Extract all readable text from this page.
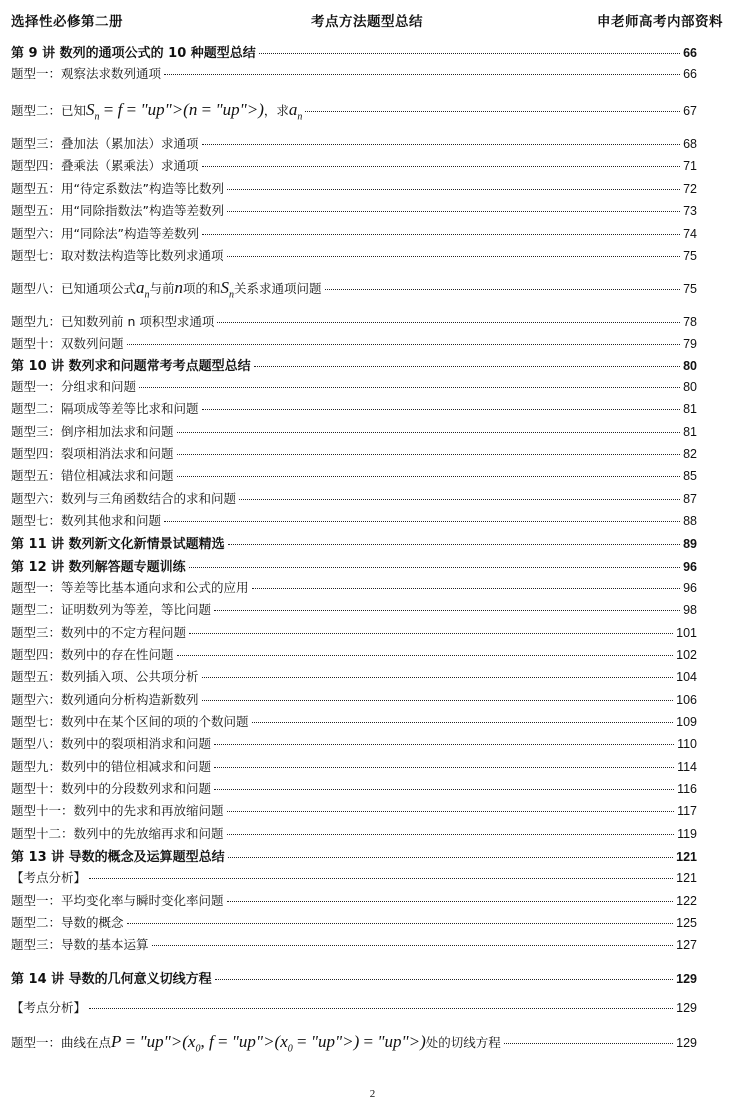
选择性必修第二册	考点方法题型总结	申老师高考内部资料
第 9 讲 数列的通项公式的 10 种题型总结	66
题型一：观察法求数列通项	66
题型二：已知$S_n = f$ = "up">(n = "up">)，求$a_n$	67
题型三：叠加法（累加法）求通项	68
题型四：叠乘法（累乘法）求通项	71
题型五：用“待定系数法”构造等比数列	72
题型五：用“同除指数法”构造等差数列	73
题型六：用“同除法”构造等差数列	74
题型七：取对数法构造等比数列求通项	75
题型八：已知通项公式$a_n$与前n项的和$S_n$关系求通项问题	75
题型九：已知数列前 n 项积型求通项	78
题型十：双数列问题	79
第 10 讲 数列求和问题常考考点题型总结	80
题型一：分组求和问题	80
题型二：隔项成等差等比求和问题	81
题型三：倒序相加法求和问题	81
题型四：裂项相消法求和问题	82
题型五：错位相减法求和问题	85
题型六：数列与三角函数结合的求和问题	87
题型七：数列其他求和问题	88
第 11 讲 数列新文化新情景试题精选	89
第 12 讲 数列解答题专题训练	96
题型一：等差等比基本通向求和公式的应用	96
题型二：证明数列为等差，等比问题	98
题型三：数列中的不定方程问题	101
题型四：数列中的存在性问题	102
题型五：数列插入项、公共项分析	104
题型六：数列通向分析构造新数列	106
题型七：数列中在某个区间的项的个数问题	109
题型八：数列中的裂项相消求和问题	110
题型九：数列中的错位相减求和问题	114
题型十：数列中的分段数列求和问题	116
题型十一：数列中的先求和再放缩问题	117
题型十二：数列中的先放缩再求和问题	119
第 13 讲 导数的概念及运算题型总结	121
【考点分析】	121
题型一：平均变化率与瞬时变化率问题	122
题型二：导数的概念	125
题型三：导数的基本运算	127
第 14 讲 导数的几何意义切线方程	129
【考点分析】	129
题型一：曲线在点$P = "up">(x_0$, $f = "up">(x_0$ = "up">) = "up">)处的切线方程	129
2
